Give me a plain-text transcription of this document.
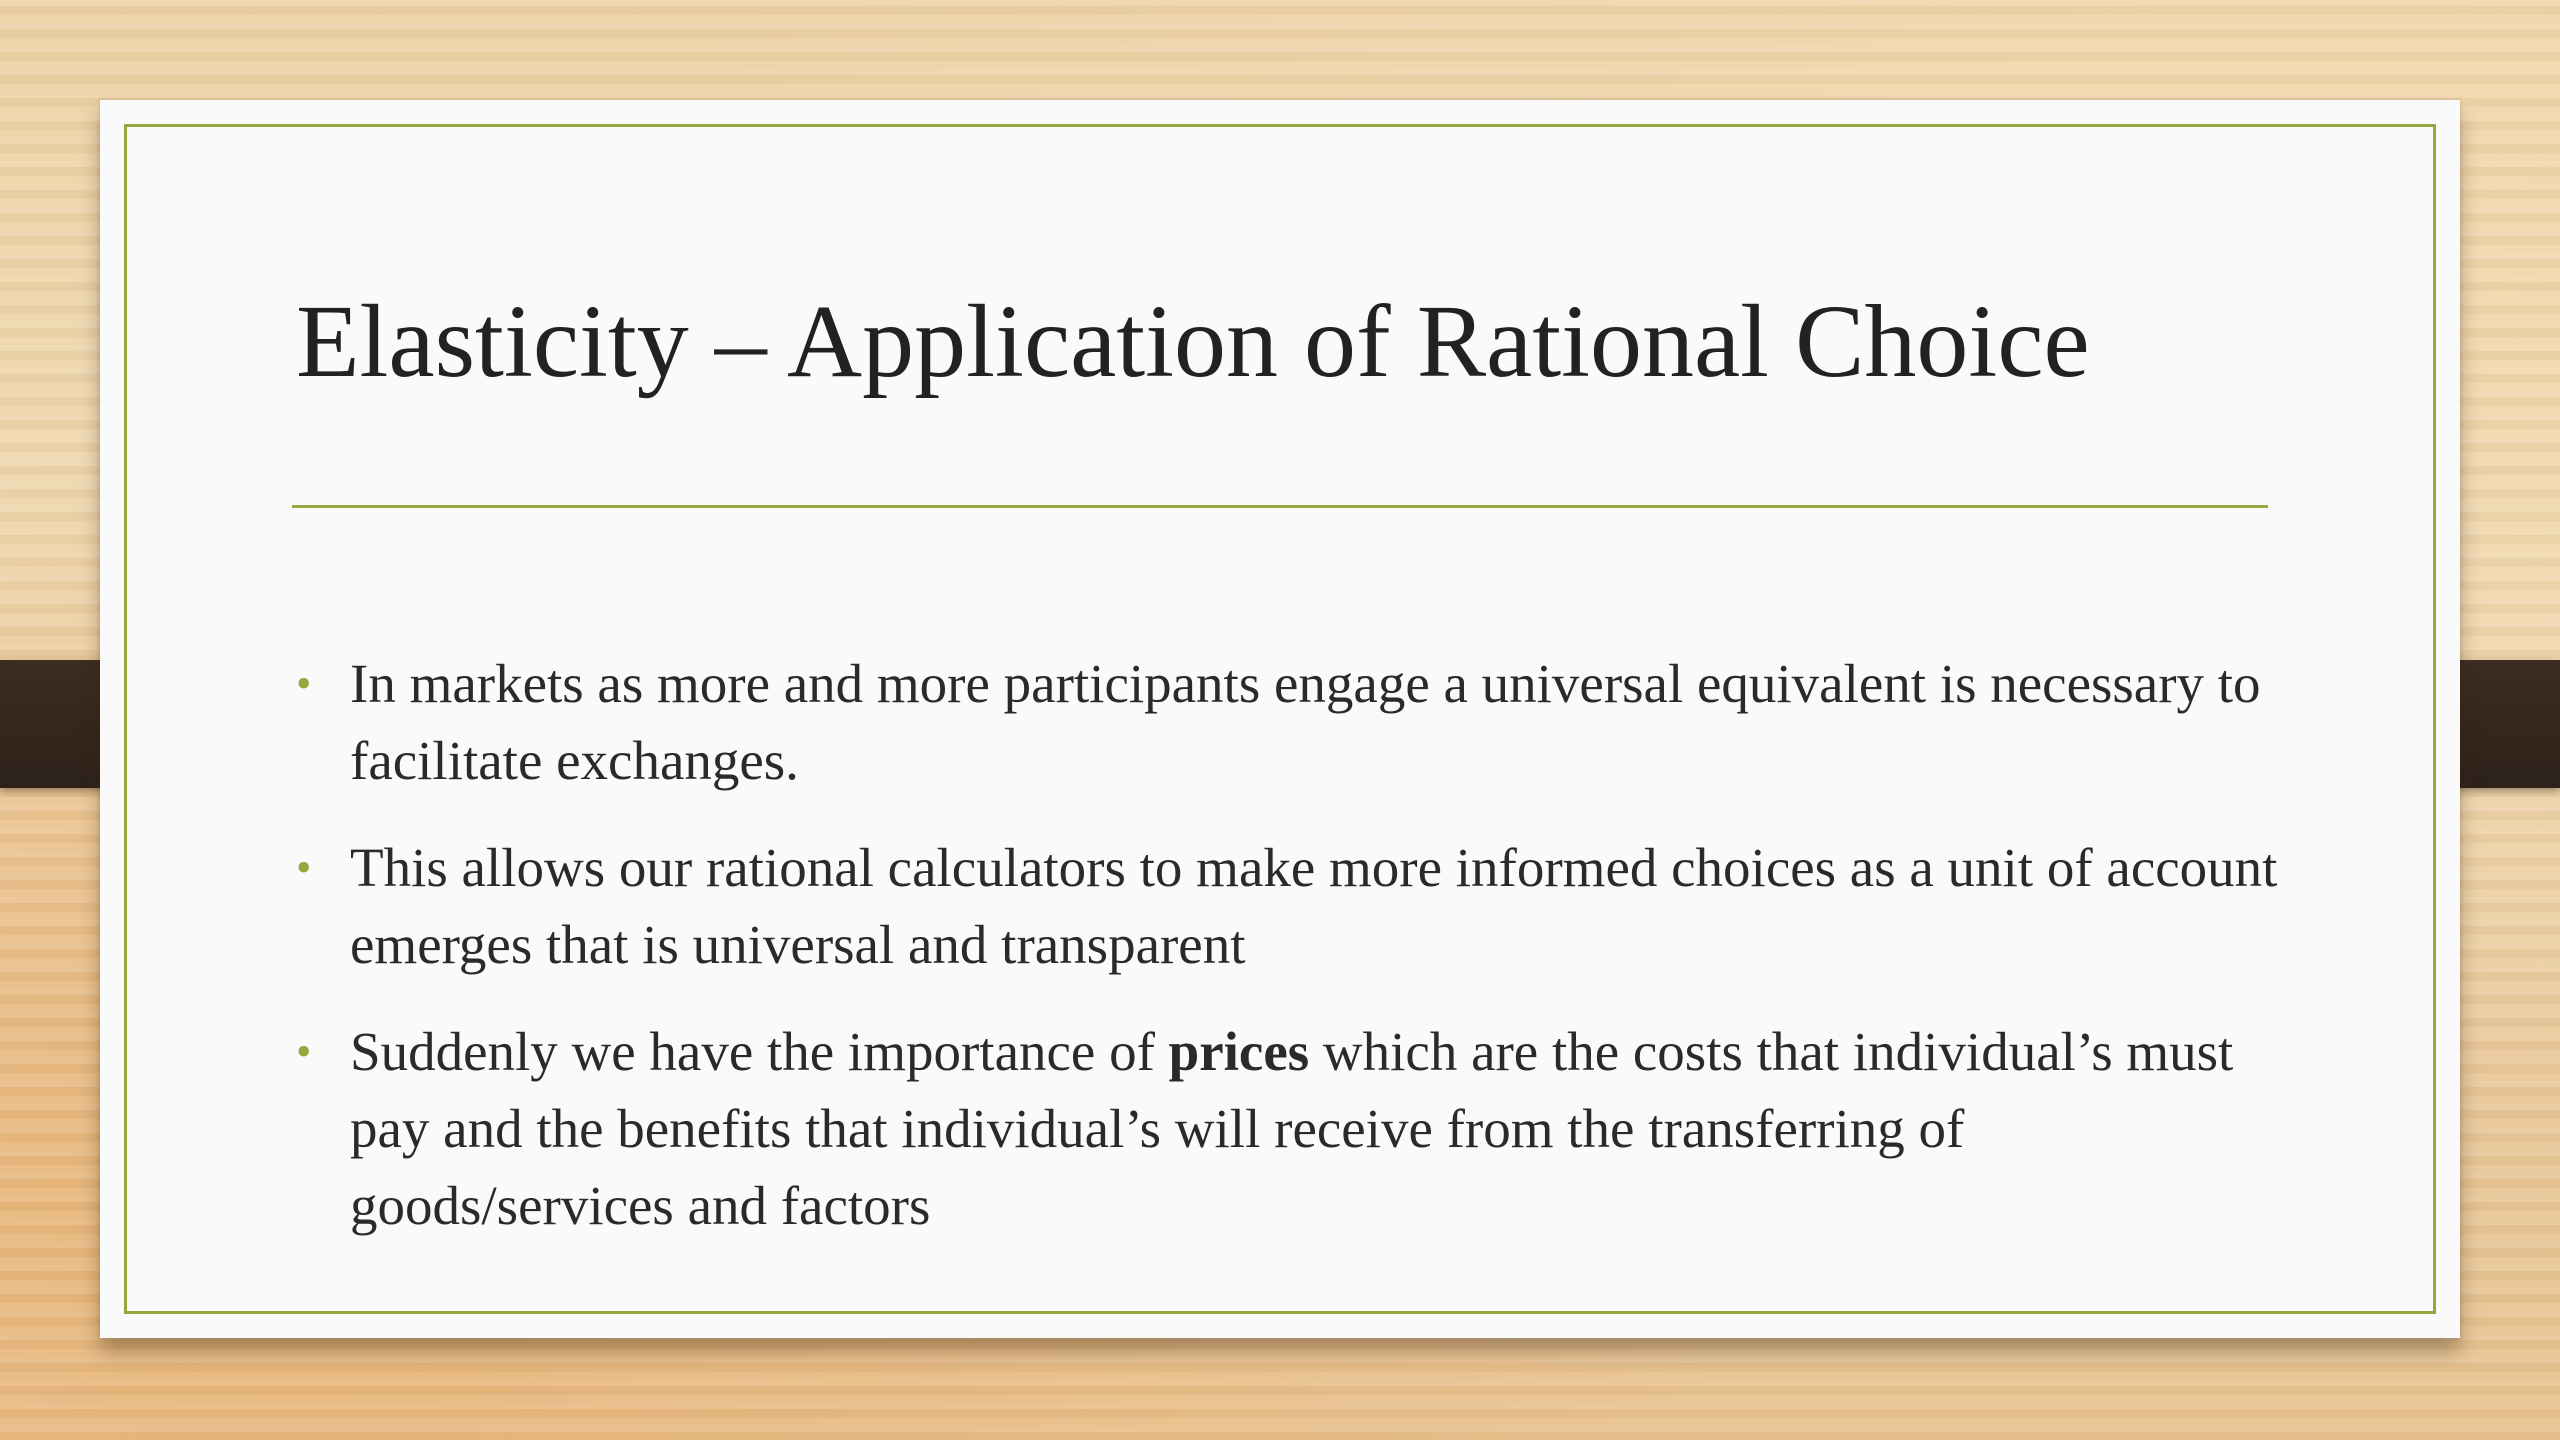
Elasticity – Application of Rational Choice
• In markets as more and more participants engage a universal equivalent is necessary to facilitate exchanges.
• This allows our rational calculators to make more informed choices as a unit of account emerges that is universal and transparent
• Suddenly we have the importance of prices which are the costs that individual’s must pay and the benefits that individual’s will receive from the transferring of goods/services and factors
